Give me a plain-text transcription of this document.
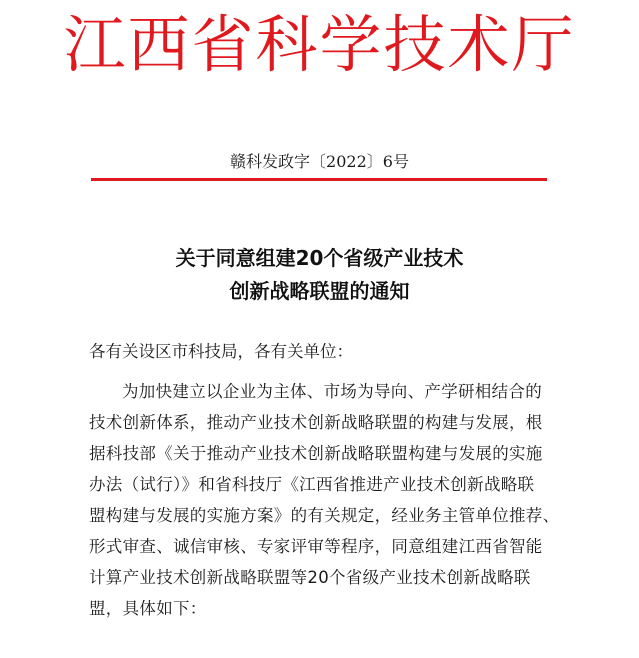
江西省科学技术厅
赣科发政字〔2022〕6号
关于同意组建20个省级产业技术
创新战略联盟的通知
各有关设区市科技局，各有关单位：
为加快建立以企业为主体、市场为导向、产学研相结合的
技术创新体系，推动产业技术创新战略联盟的构建与发展，根
据科技部《关于推动产业技术创新战略联盟构建与发展的实施
办法（试行）》和省科技厅《江西省推进产业技术创新战略联
盟构建与发展的实施方案》的有关规定，经业务主管单位推荐、
形式审查、诚信审核、专家评审等程序，同意组建江西省智能
计算产业技术创新战略联盟等20个省级产业技术创新战略联
盟，具体如下：
